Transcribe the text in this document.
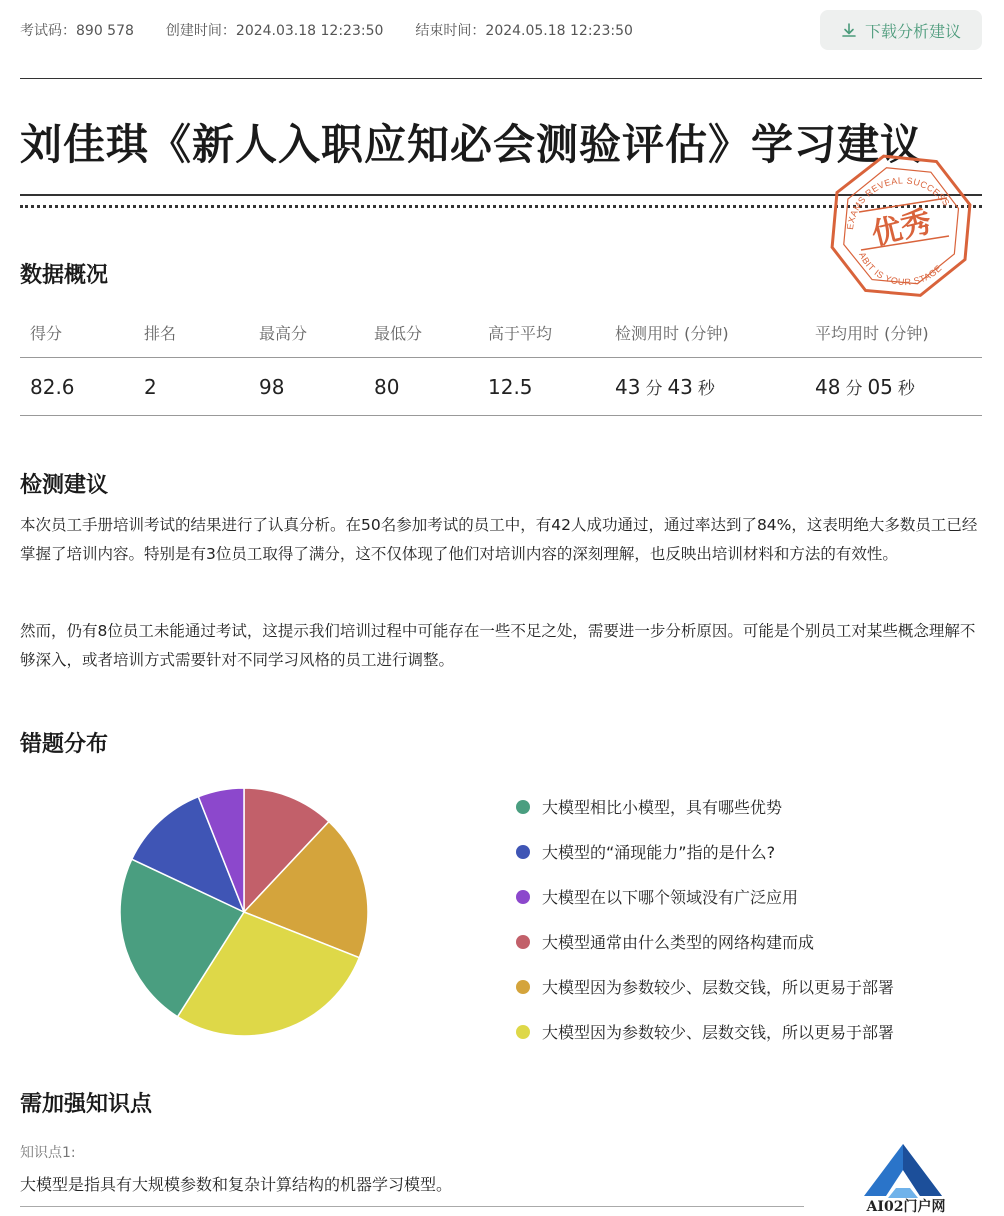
考试码：890 578 创建时间：2024.03.18 12:23:50 结束时间：2024.05.18 12:23:50	下载分析建议
刘佳琪《新人入职应知必会测验评估》学习建议
EXAMS REVEAL SUCCESS
ABIT IS YOUR STAGE
优秀
数据概况
得分	排名	最高分	最低分	高于平均	检测用时 (分钟)	平均用时 (分钟)
82.6	2	98	80	12.5	43 分 43 秒	48 分 05 秒
检测建议
本次员工手册培训考试的结果进行了认真分析。在50名参加考试的员工中，有42人成功通过，通过率达到了84%，这表明绝大多数员工已经掌握了培训内容。特别是有3位员工取得了满分，这不仅体现了他们对培训内容的深刻理解，也反映出培训材料和方法的有效性。
然而，仍有8位员工未能通过考试，这提示我们培训过程中可能存在一些不足之处，需要进一步分析原因。可能是个别员工对某些概念理解不够深入，或者培训方式需要针对不同学习风格的员工进行调整。
错题分布
大模型相比小模型，具有哪些优势
大模型的“涌现能力”指的是什么?
大模型在以下哪个领域没有广泛应用
大模型通常由什么类型的网络构建而成
大模型因为参数较少、层数交钱，所以更易于部署
大模型因为参数较少、层数交钱，所以更易于部署
需加强知识点
知识点1:
大模型是指具有大规模参数和复杂计算结构的机器学习模型。
AI02门户网
